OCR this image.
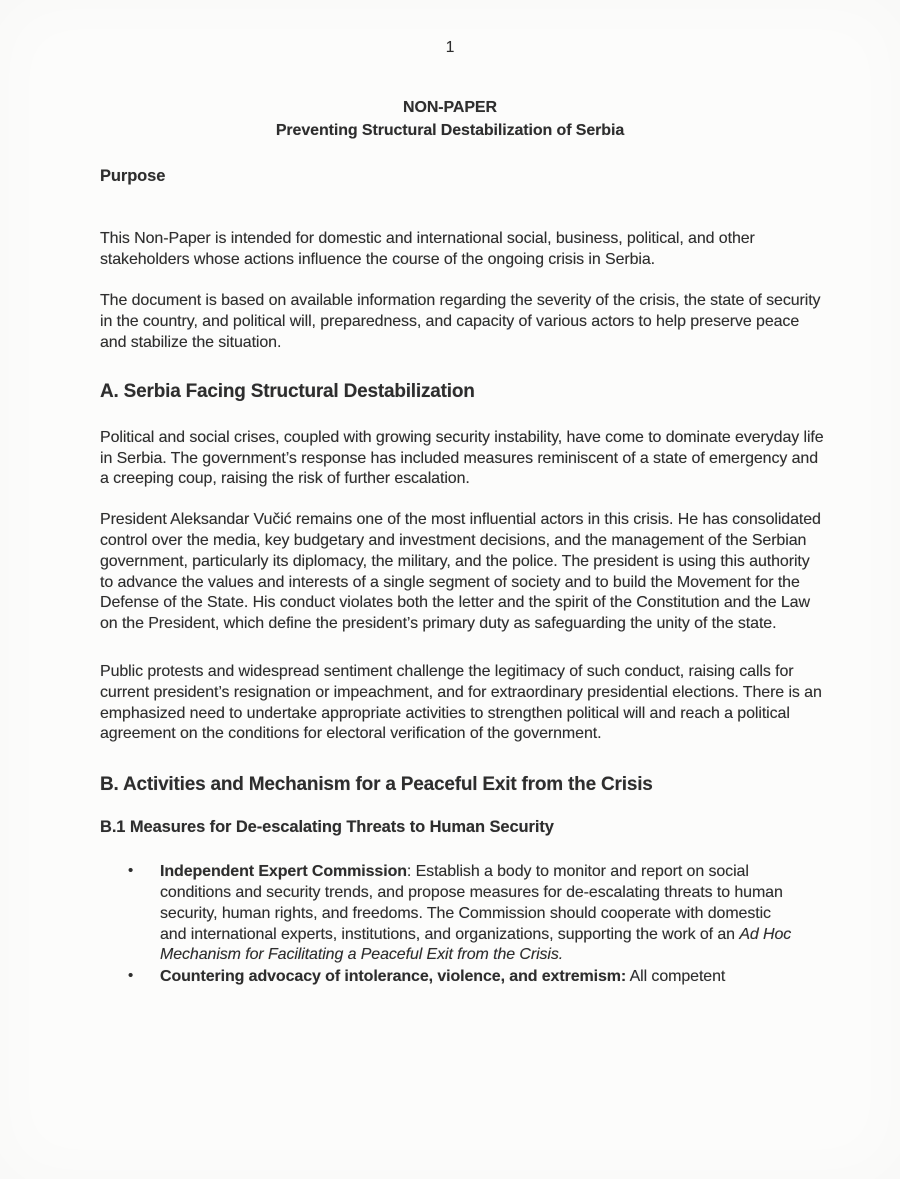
1
NON-PAPER
Preventing Structural Destabilization of Serbia
Purpose

This Non-Paper is intended for domestic and international social, business, political, and other stakeholders whose actions influence the course of the ongoing crisis in Serbia.

The document is based on available information regarding the severity of the crisis, the state of security in the country, and political will, preparedness, and capacity of various actors to help preserve peace and stabilize the situation.

A. Serbia Facing Structural Destabilization

Political and social crises, coupled with growing security instability, have come to dominate everyday life in Serbia. The government’s response has included measures reminiscent of a state of emergency and a creeping coup, raising the risk of further escalation.

President Aleksandar Vučić remains one of the most influential actors in this crisis. He has consolidated control over the media, key budgetary and investment decisions, and the management of the Serbian government, particularly its diplomacy, the military, and the police. The president is using this authority to advance the values and interests of a single segment of society and to build the Movement for the Defense of the State. His conduct violates both the letter and the spirit of the Constitution and the Law on the President, which define the president’s primary duty as safeguarding the unity of the state.

Public protests and widespread sentiment challenge the legitimacy of such conduct, raising calls for current president’s resignation or impeachment, and for extraordinary presidential elections. There is an emphasized need to undertake appropriate activities to strengthen political will and reach a political agreement on the conditions for electoral verification of the government.

B. Activities and Mechanism for a Peaceful Exit from the Crisis
B.1 Measures for De-escalating Threats to Human Security
• Independent Expert Commission: Establish a body to monitor and report on social conditions and security trends, and propose measures for de-escalating threats to human security, human rights, and freedoms. The Commission should cooperate with domestic and international experts, institutions, and organizations, supporting the work of an Ad Hoc Mechanism for Facilitating a Peaceful Exit from the Crisis.
• Countering advocacy of intolerance, violence, and extremism: All competent
